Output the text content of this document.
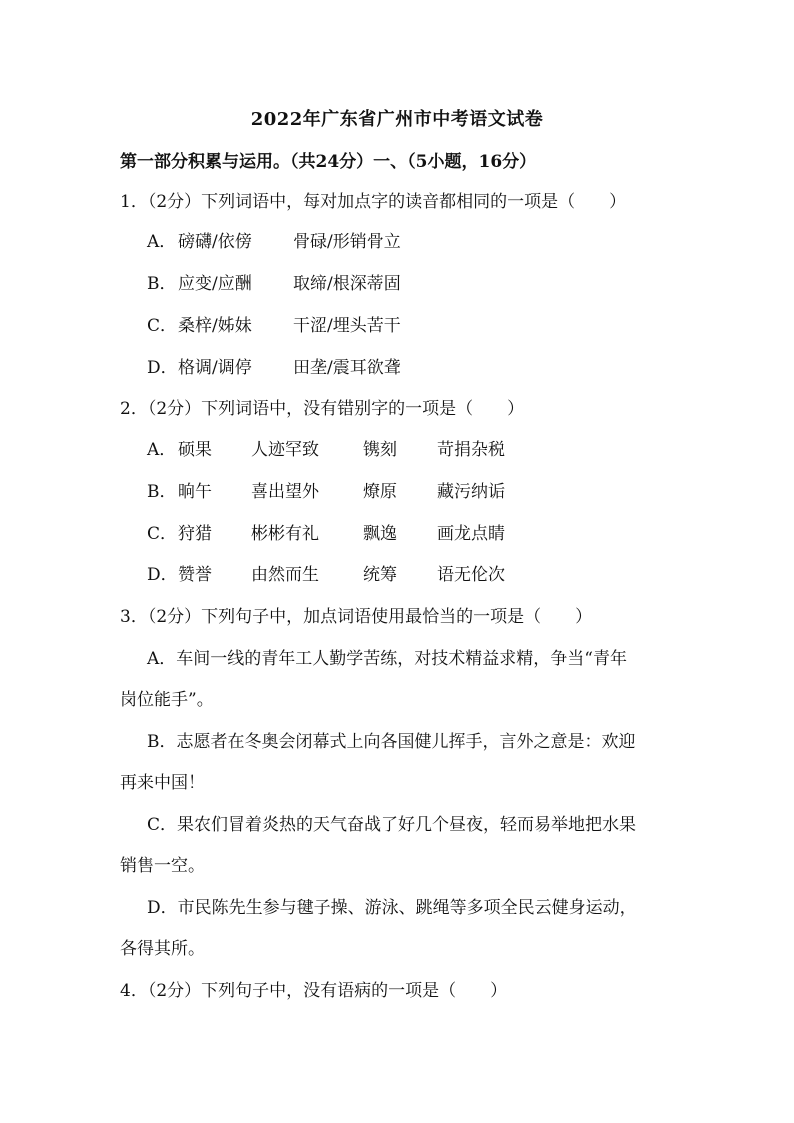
2022年广东省广州市中考语文试卷
第一部分积累与运用。（共24分）一、（5小题，16分）
1．（2分）下列词语中，每对加点字的读音都相同的一项是（　　）
A． 磅礴/依傍 骨碌/形销骨立
B． 应变/应酬 取缔/根深蒂固
C． 桑梓/姊妹 干涩/埋头苦干
D． 格调/调停 田垄/震耳欲聋
2．（2分）下列词语中，没有错别字的一项是（　　）
A． 硕果 人迹罕致	镌刻 苛捐杂税
B． 晌午 喜出望外	燎原 藏污纳诟
C． 狩猎 彬彬有礼	飘逸 画龙点睛
D． 赞誉 由然而生	统筹 语无伦次
3．（2分）下列句子中，加点词语使用最恰当的一项是（　　）
A．车间一线的青年工人勤学苦练，对技术精益求精，争当“青年
岗位能手”。
B．志愿者在冬奥会闭幕式上向各国健儿挥手，言外之意是：欢迎
再来中国！
C．果农们冒着炎热的天气奋战了好几个昼夜，轻而易举地把水果
销售一空。
D．市民陈先生参与毽子操、游泳、跳绳等多项全民云健身运动，
各得其所。
4．（2分）下列句子中，没有语病的一项是（　　）
